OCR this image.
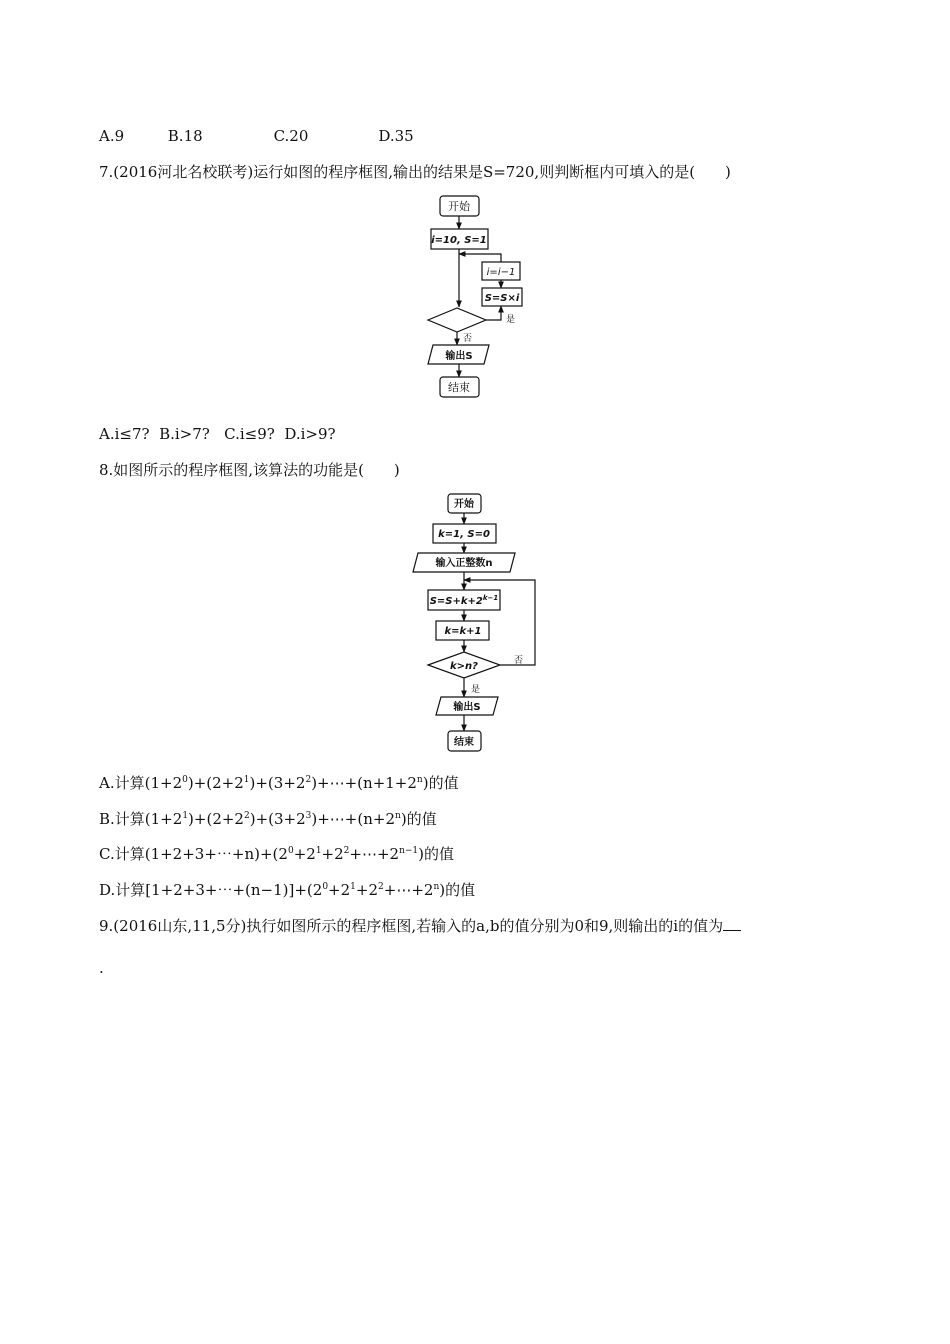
A.9	B.18	C.20	D.35
7.(2016河北名校联考)运行如图的程序框图,输出的结果是S=720,则判断框内可填入的是(　　)
开始
i=10, S=1
i=i−1
S=S×i
是
否
输出S
结束
A.i≤7?  B.i>7?   C.i≤9?  D.i>9?
8.如图所示的程序框图,该算法的功能是(　　)
开始
k=1, S=0
输入正整数n
$S=S+k+2^{k-1}$
k=k+1
k>n?	否
是
输出S
结束
A.计算$(1+2^0)+(2+2^1)+(3+2^2)+\cdots+(n+1+2^n)$的值
B.计算$(1+2^1)+(2+2^2)+(3+2^3)+\cdots+(n+2^n)$的值
C.计算$(1+2+3+\cdots+n)+(2^0+2^1+2^2+\cdots+2^{n-1})$的值
D.计算$[1+2+3+\cdots+(n-1)]+(2^0+2^1+2^2+\cdots+2^n)$的值
9.(2016山东,11,5分)执行如图所示的程序框图,若输入的a,b的值分别为0和9,则输出的i的值为
.
